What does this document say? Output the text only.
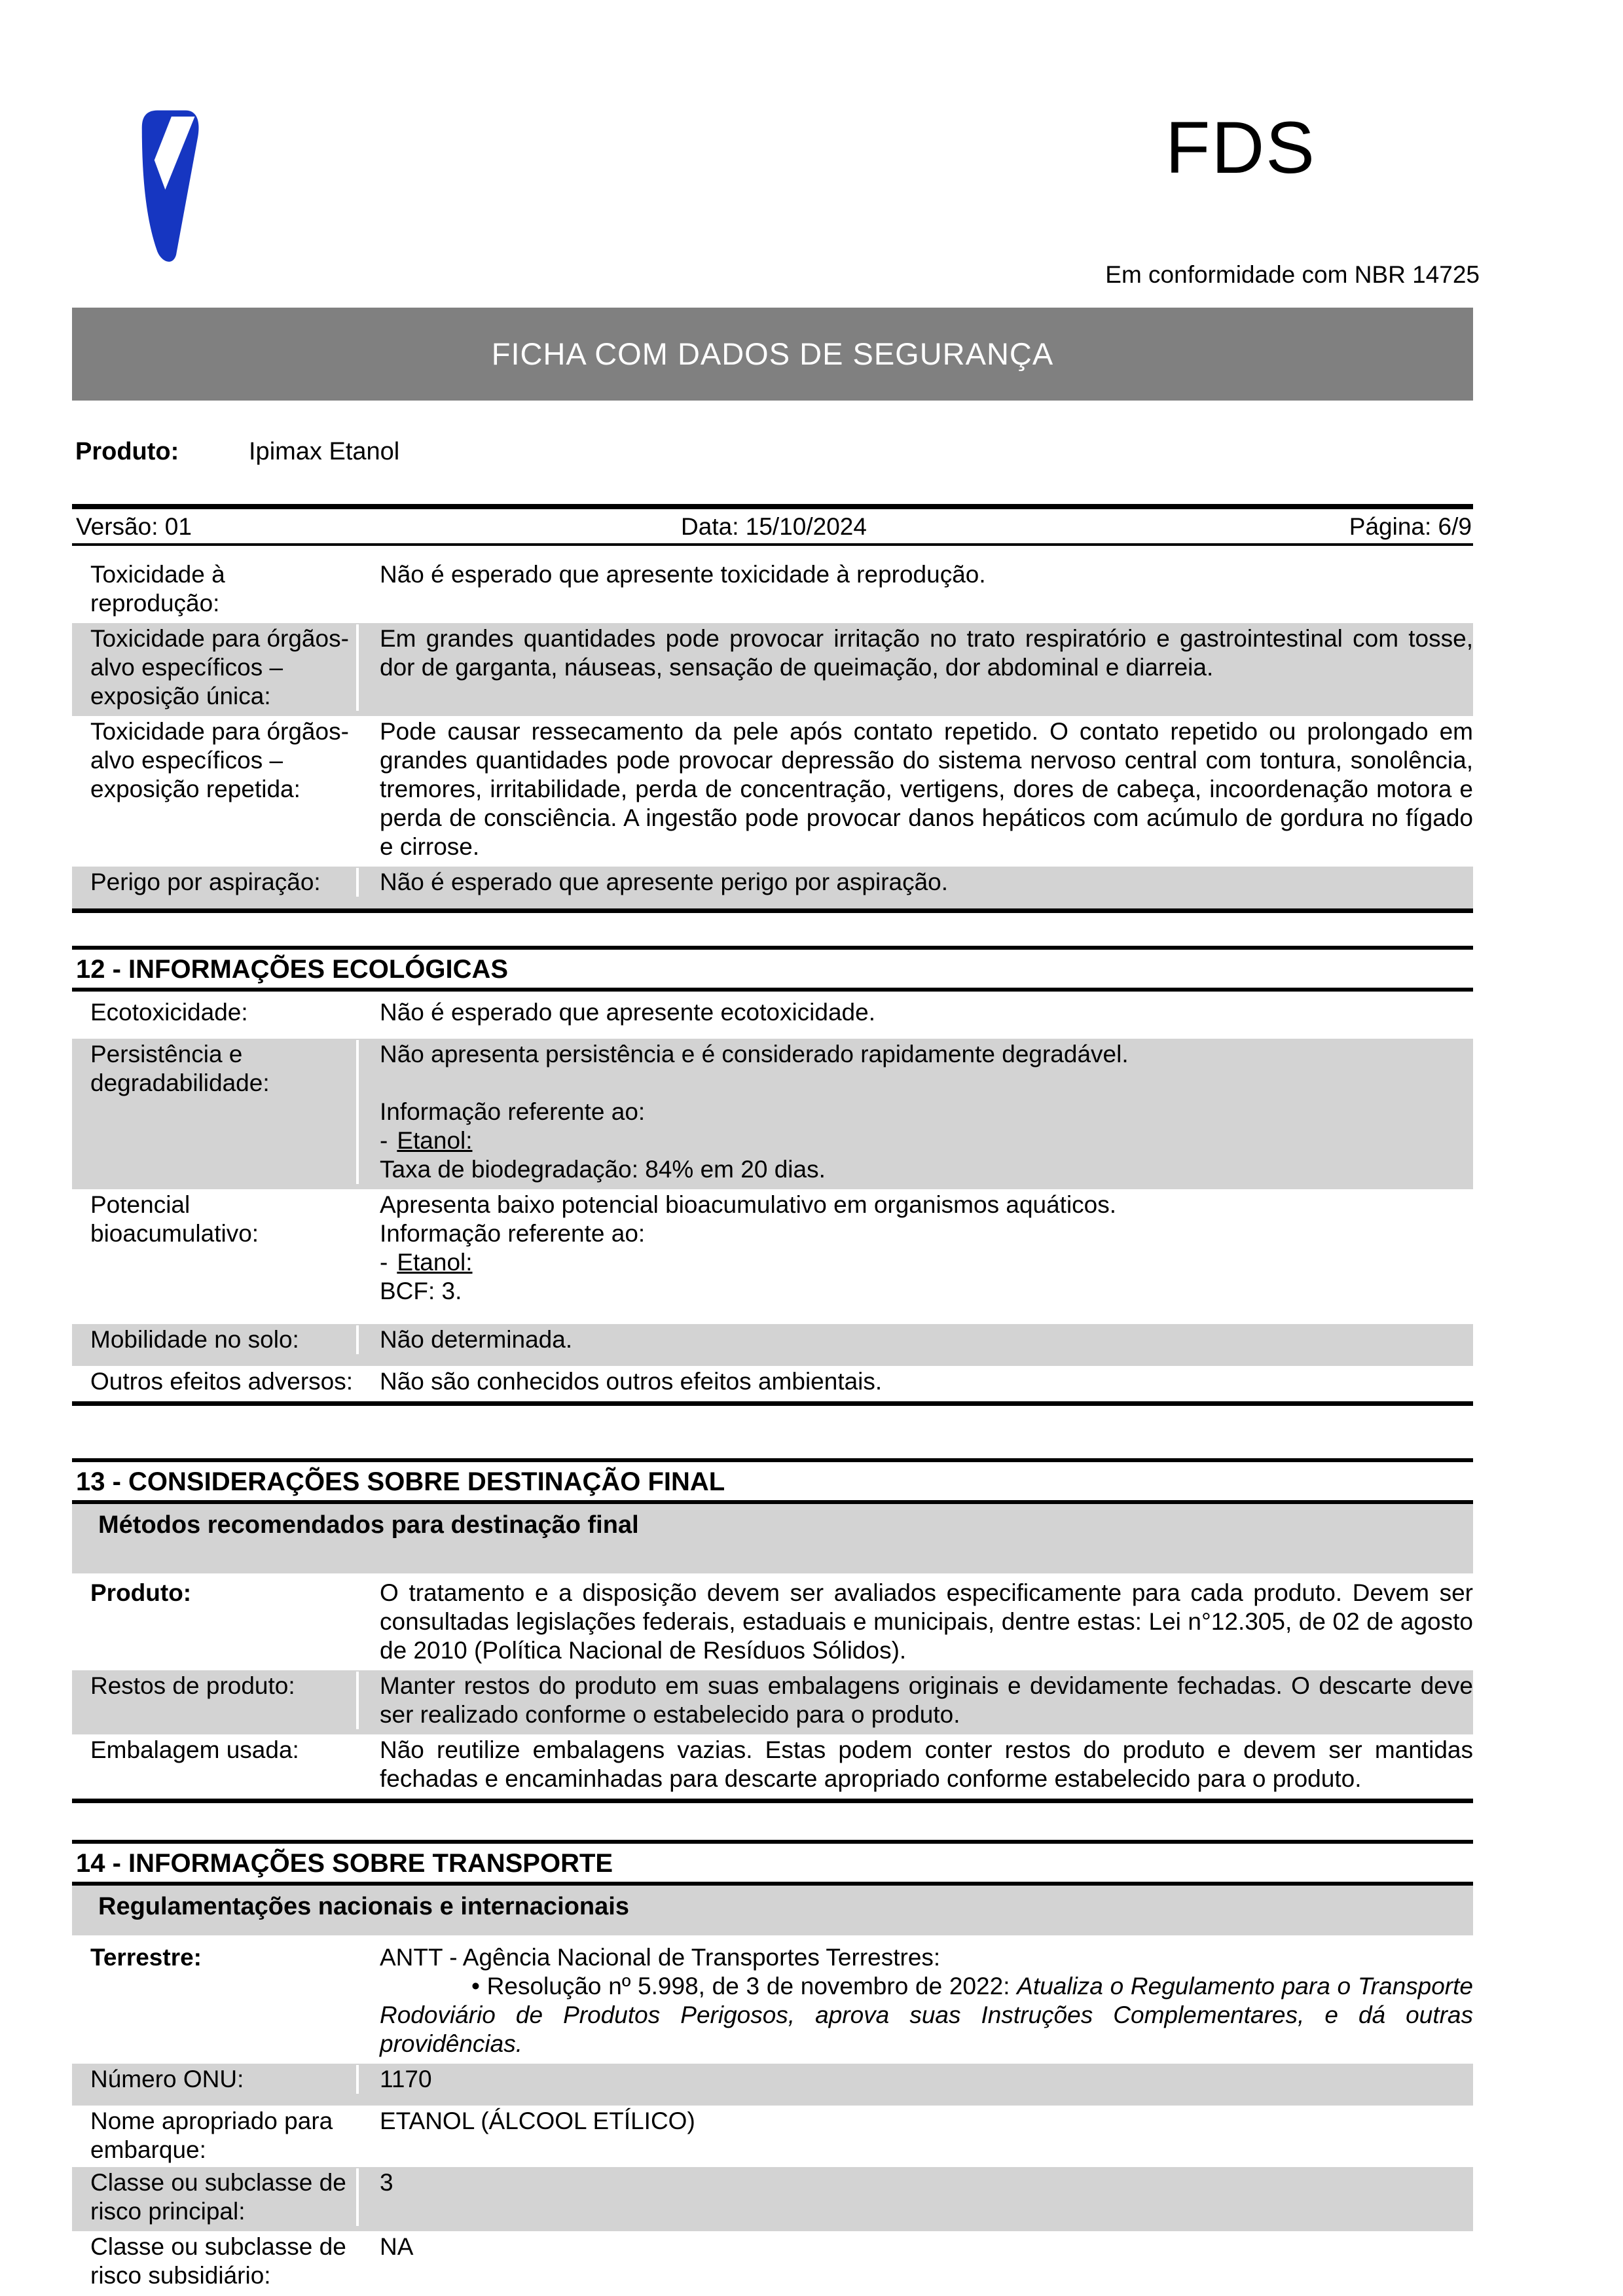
FDS
Em conformidade com NBR 14725
FICHA COM DADOS DE SEGURANÇA
Produto:	Ipimax Etanol
Versão: 01	Data: 15/10/2024	Página: 6/9
Toxicidade à reprodução:
Não é esperado que apresente toxicidade à reprodução.
Toxicidade para órgãos-alvo específicos – exposição única:
Em grandes quantidades pode provocar irritação no trato respiratório e gastrointestinal com tosse, dor de garganta, náuseas, sensação de queimação, dor abdominal e diarreia.
Toxicidade para órgãos-alvo específicos – exposição repetida:
Pode causar ressecamento da pele após contato repetido. O contato repetido ou prolongado em grandes quantidades pode provocar depressão do sistema nervoso central com tontura, sonolência, tremores, irritabilidade, perda de concentração, vertigens, dores de cabeça, incoordenação motora e perda de consciência. A ingestão pode provocar danos hepáticos com acúmulo de gordura no fígado e cirrose.
Perigo por aspiração:	Não é esperado que apresente perigo por aspiração.
12 - INFORMAÇÕES ECOLÓGICAS
Ecotoxicidade:	Não é esperado que apresente ecotoxicidade.
Persistência e degradabilidade:
Não apresenta persistência e é considerado rapidamente degradável.
Informação referente ao:
- Etanol:
Taxa de biodegradação: 84% em 20 dias.
Potencial bioacumulativo:
Apresenta baixo potencial bioacumulativo em organismos aquáticos.
Informação referente ao:
- Etanol:
BCF: 3.
Mobilidade no solo:	Não determinada.
Outros efeitos adversos:	Não são conhecidos outros efeitos ambientais.
13 - CONSIDERAÇÕES SOBRE DESTINAÇÃO FINAL
Métodos recomendados para destinação final
Produto:	O tratamento e a disposição devem ser avaliados especificamente para cada produto. Devem ser consultadas legislações federais, estaduais e municipais, dentre estas: Lei n°12.305, de 02 de agosto de 2010 (Política Nacional de Resíduos Sólidos).
Restos de produto:	Manter restos do produto em suas embalagens originais e devidamente fechadas. O descarte deve ser realizado conforme o estabelecido para o produto.
Embalagem usada:	Não reutilize embalagens vazias. Estas podem conter restos do produto e devem ser mantidas fechadas e encaminhadas para descarte apropriado conforme estabelecido para o produto.
14 - INFORMAÇÕES SOBRE TRANSPORTE
Regulamentações nacionais e internacionais
Terrestre:	ANTT - Agência Nacional de Transportes Terrestres:
• Resolução nº 5.998, de 3 de novembro de 2022: Atualiza o Regulamento para o Transporte Rodoviário de Produtos Perigosos, aprova suas Instruções Complementares, e dá outras providências.
Número ONU:	1170
Nome apropriado para embarque:
ETANOL (ÁLCOOL ETÍLICO)
Classe ou subclasse de risco principal:
3
Classe ou subclasse de risco subsidiário:
NA
